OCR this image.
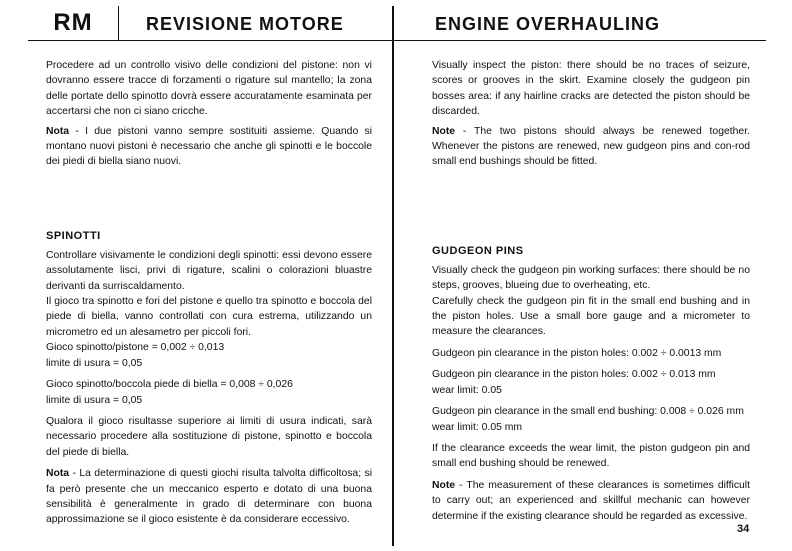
RM	REVISIONE MOTORE	ENGINE OVERHAULING

Procedere ad un controllo visivo delle condizioni del pistone: non vi dovranno essere tracce di forzamenti o rigature sul mantello; la zona delle portate dello spinotto dovrà essere accuratamente esaminata per accertarsi che non ci siano cricche.

Nota - I due pistoni vanno sempre sostituiti assieme. Quando si montano nuovi pistoni è necessario che anche gli spinotti e le boccole dei piedi di biella siano nuovi.

SPINOTTI

Controllare visivamente le condizioni degli spinotti: essi devono essere assolutamente lisci, privi di rigature, scalini o colorazioni bluastre derivanti da surriscaldamento.

Il gioco tra spinotto e fori del pistone e quello tra spinotto e boccola del piede di biella, vanno controllati con cura estrema, utilizzando un micrometro ed un alesametro per piccoli fori.

Gioco spinotto/pistone = 0,002 ÷ 0,013
limite di usura = 0,05
Gioco spinotto/boccola piede di biella = 0,008 ÷ 0,026
limite di usura = 0,05

Qualora il gioco risultasse superiore ai limiti di usura indicati, sarà necessario procedere alla sostituzione di pistone, spinotto e boccola del piede di biella.

Nota - La determinazione di questi giochi risulta talvolta difficoltosa; si fa però presente che un meccanico esperto e dotato di una buona sensibilità è generalmente in grado di determinare con buona approssimazione se il gioco esistente è da considerare eccessivo.

Visually inspect the piston: there should be no traces of seizure, scores or grooves in the skirt. Examine closely the gudgeon pin bosses area: if any hairline cracks are detected the piston should be discarded.

Note - The two pistons should always be renewed together. Whenever the pistons are renewed, new gudgeon pins and con-rod small end bushings should be fitted.

GUDGEON PINS

Visually check the gudgeon pin working surfaces: there should be no steps, grooves, blueing due to overheating, etc.

Carefully check the gudgeon pin fit in the small end bushing and in the piston holes. Use a small bore gauge and a micrometer to measure the clearances.

Gudgeon pin clearance in the piston holes: 0.002 ÷ 0.0013 mm
Gudgeon pin clearance in the piston holes: 0.002 ÷ 0.013 mm
wear limit: 0.05
Gudgeon pin clearance in the small end bushing: 0.008 ÷ 0.026 mm
wear limit: 0.05 mm

If the clearance exceeds the wear limit, the piston gudgeon pin and small end bushing should be renewed.

Note - The measurement of these clearances is sometimes difficult to carry out; an experienced and skillful mechanic can however determine if the existing clearance should be regarded as excessive.

34
